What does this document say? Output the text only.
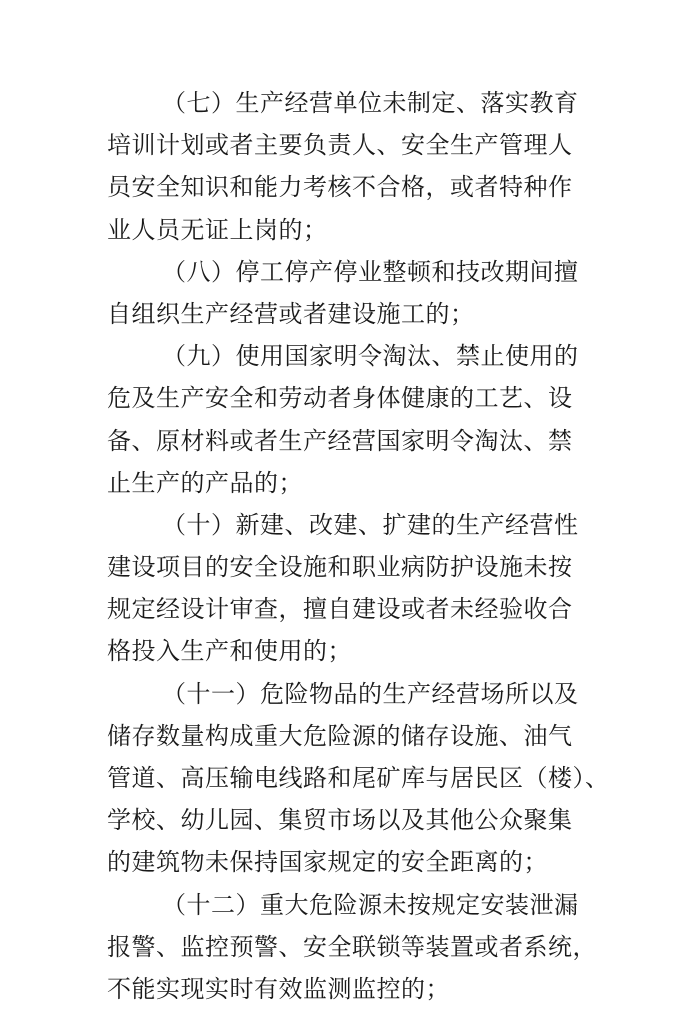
（七）生产经营单位未制定、落实教育
培训计划或者主要负责人、安全生产管理人
员安全知识和能力考核不合格，或者特种作
业人员无证上岗的；
（八）停工停产停业整顿和技改期间擅
自组织生产经营或者建设施工的；
（九）使用国家明令淘汰、禁止使用的
危及生产安全和劳动者身体健康的工艺、设
备、原材料或者生产经营国家明令淘汰、禁
止生产的产品的；
（十）新建、改建、扩建的生产经营性
建设项目的安全设施和职业病防护设施未按
规定经设计审查，擅自建设或者未经验收合
格投入生产和使用的；
（十一）危险物品的生产经营场所以及
储存数量构成重大危险源的储存设施、油气
管道、高压输电线路和尾矿库与居民区（楼）、
学校、幼儿园、集贸市场以及其他公众聚集
的建筑物未保持国家规定的安全距离的；
（十二）重大危险源未按规定安装泄漏
报警、监控预警、安全联锁等装置或者系统，
不能实现实时有效监测监控的；
